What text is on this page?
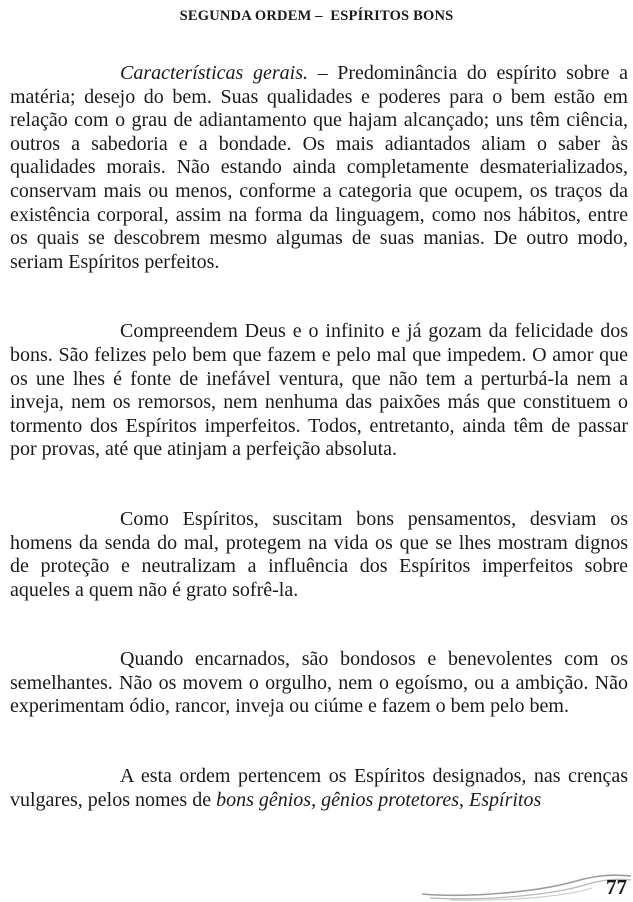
SEGUNDA ORDEM –  ESPÍRITOS BONS

Características gerais. – Predominância do espírito sobre a matéria; desejo do bem. Suas qualidades e poderes para o bem estão em relação com o grau de adiantamento que hajam alcançado; uns têm ciência, outros a sabedoria e a bondade. Os mais adiantados aliam o saber às qualidades morais. Não estando ainda completamente desmaterializados, conservam mais ou menos, conforme a categoria que ocupem, os traços da existência corporal, assim na forma da linguagem, como nos hábitos, entre os quais se descobrem mesmo algumas de suas manias. De outro modo, seriam Espíritos perfeitos.

Compreendem Deus e o infinito e já gozam da felicidade dos bons. São felizes pelo bem que fazem e pelo mal que impedem. O amor que os une lhes é fonte de inefável ventura, que não tem a perturbá-la nem a inveja, nem os remorsos, nem nenhuma das paixões más que constituem o tormento dos Espíritos imperfeitos. Todos, entretanto, ainda têm de passar por provas, até que atinjam a perfeição absoluta.

Como Espíritos, suscitam bons pensamentos, desviam os homens da senda do mal, protegem na vida os que se lhes mostram dignos de proteção e neutralizam a influência dos Espíritos imperfeitos sobre aqueles a quem não é grato sofrê-la.

Quando encarnados, são bondosos e benevolentes com os semelhantes. Não os movem o orgulho, nem o egoísmo, ou a ambição. Não experimentam ódio, rancor, inveja ou ciúme e fazem o bem pelo bem.

A esta ordem pertencem os Espíritos designados, nas crenças vulgares, pelos nomes de bons gênios, gênios protetores, Espíritos

77
